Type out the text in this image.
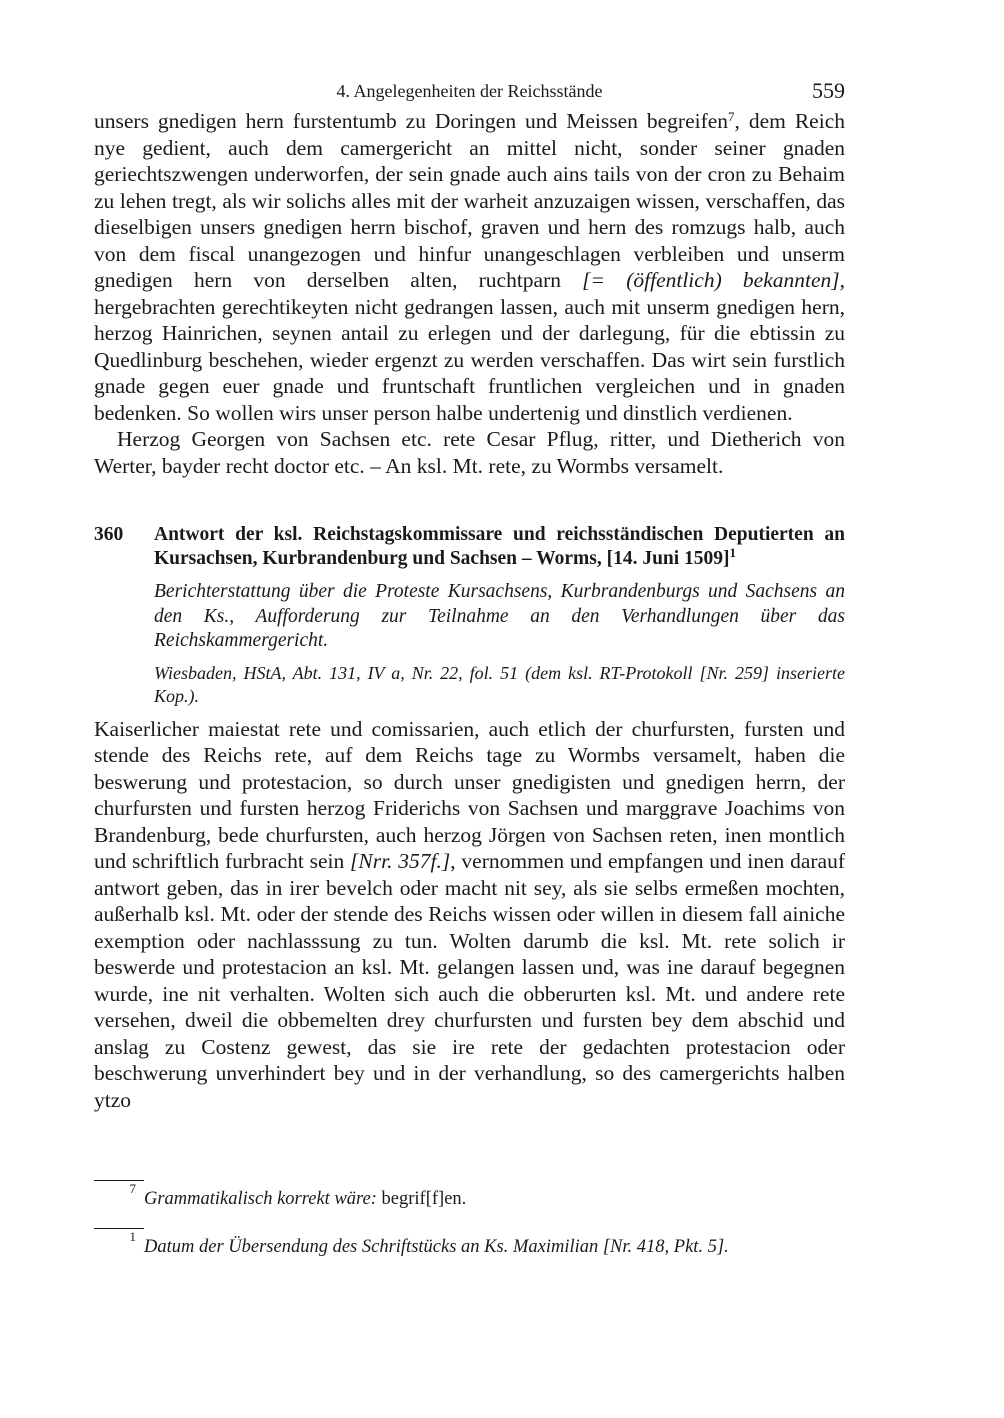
4. Angelegenheiten der Reichsstände	559

unsers gnedigen hern furstentumb zu Doringen und Meissen begreifen$^7$, dem Reich nye gedient, auch dem camergericht an mittel nicht, sonder seiner gnaden geriechtszwengen underworfen, der sein gnade auch ains tails von der cron zu Behaim zu lehen tregt, als wir solichs alles mit der warheit anzuzaigen wissen, verschaffen, das dieselbigen unsers gnedigen herrn bischof, graven und hern des romzugs halb, auch von dem fiscal unangezogen und hinfur unangeschlagen verbleiben und unserm gnedigen hern von derselben alten, ruchtparn [= (öffentlich) bekannten], hergebrachten gerechtikeyten nicht gedrangen lassen, auch mit unserm gnedigen hern, herzog Hainrichen, seynen antail zu erlegen und der darlegung, für die ebtissin zu Quedlinburg beschehen, wieder ergenzt zu werden verschaffen. Das wirt sein furstlich gnade gegen euer gnade und fruntschaft fruntlichen vergleichen und in gnaden bedenken. So wollen wirs unser person halbe undertenig und dinstlich verdienen.
Herzog Georgen von Sachsen etc. rete Cesar Pflug, ritter, und Dietherich von Werter, bayder recht doctor etc. – An ksl. Mt. rete, zu Wormbs versamelt.

360	Antwort der ksl. Reichstagskommissare und reichsständischen Deputierten an Kursachsen, Kurbrandenburg und Sachsen – Worms, [14. Juni 1509]$^1$
Berichterstattung über die Proteste Kursachsens, Kurbrandenburgs und Sachsens an den Ks., Aufforderung zur Teilnahme an den Verhandlungen über das Reichskammergericht.
Wiesbaden, HStA, Abt. 131, IV a, Nr. 22, fol. 51 (dem ksl. RT-Protokoll [Nr. 259] inserierte Kop.).

Kaiserlicher maiestat rete und comissarien, auch etlich der churfursten, fursten und stende des Reichs rete, auf dem Reichs tage zu Wormbs versamelt, haben die beswerung und protestacion, so durch unser gnedigisten und gnedigen herrn, der churfursten und fursten herzog Friderichs von Sachsen und marggrave Joachims von Brandenburg, bede churfursten, auch herzog Jörgen von Sachsen reten, inen montlich und schriftlich furbracht sein [Nrr. 357f.], vernommen und empfangen und inen darauf antwort geben, das in irer bevelch oder macht nit sey, als sie selbs ermeßen mochten, außerhalb ksl. Mt. oder der stende des Reichs wissen oder willen in diesem fall ainiche exemption oder nachlasssung zu tun. Wolten darumb die ksl. Mt. rete solich ir beswerde und protestacion an ksl. Mt. gelangen lassen und, was ine darauf begegnen wurde, ine nit verhalten. Wolten sich auch die obberurten ksl. Mt. und andere rete versehen, dweil die obbemelten drey churfursten und fursten bey dem abschid und anslag zu Costenz gewest, das sie ire rete der gedachten protestacion oder beschwerung unverhindert bey und in der verhandlung, so des camergerichts halben ytzo

7
Grammatikalisch korrekt wäre: begrif[f]en.
1
Datum der Übersendung des Schriftstücks an Ks. Maximilian [Nr. 418, Pkt. 5].
